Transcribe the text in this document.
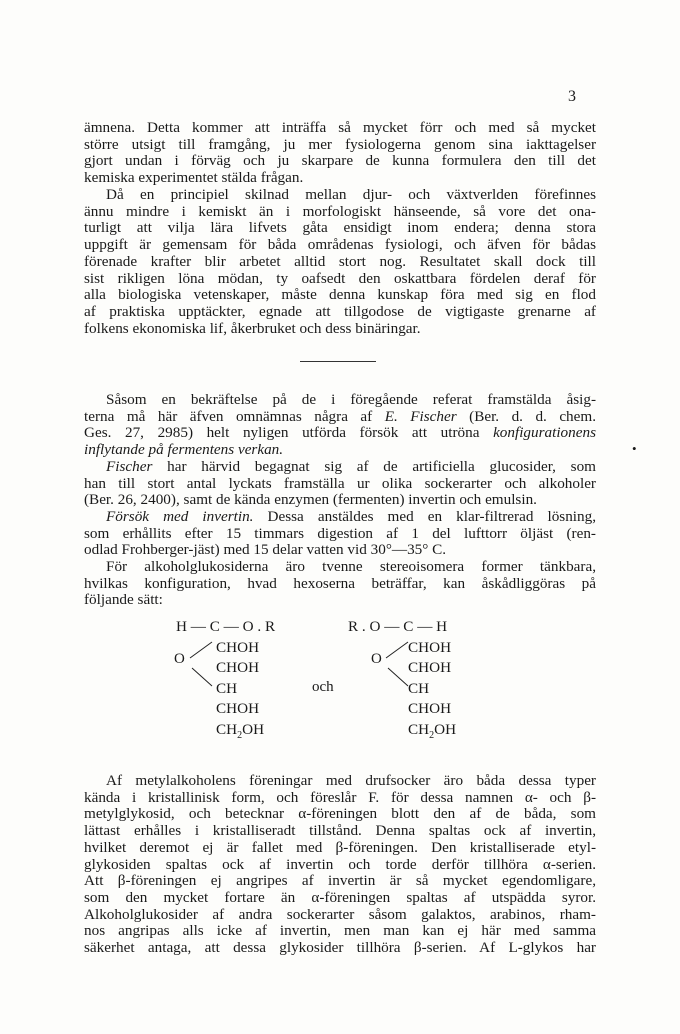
3

ämnena. Detta kommer att inträffa så mycket förr och med så mycket
större utsigt till framgång, ju mer fysiologerna genom sina iakttagelser
gjort undan i förväg och ju skarpare de kunna formulera den till det
kemiska experimentet stälda frågan.

Då en principiel skilnad mellan djur- och växtverlden förefinnes
ännu mindre i kemiskt än i morfologiskt hänseende, så vore det ona-
turligt att vilja lära lifvets gåta ensidigt inom endera; denna stora
uppgift är gemensam för båda områdenas fysiologi, och äfven för bådas
förenade krafter blir arbetet alltid stort nog. Resultatet skall dock till
sist rikligen löna mödan, ty oafsedt den oskattbara fördelen deraf för
alla biologiska vetenskaper, måste denna kunskap föra med sig en flod
af praktiska upptäckter, egnade att tillgodose de vigtigaste grenarne af
folkens ekonomiska lif, åkerbruket och dess binäringar.

Såsom en bekräftelse på de i föregående referat framstälda åsig-
terna må här äfven omnämnas några af E. Fischer (Ber. d. d. chem.
Ges. 27, 2985) helt nyligen utförda försök att utröna konfigurationens
inflytande på fermentens verkan.	•

Fischer har härvid begagnat sig af de artificiella glucosider, som
han till stort antal lyckats framställa ur olika sockerarter och alkoholer
(Ber. 26, 2400), samt de kända enzymen (fermenten) invertin och emulsin.

Försök med invertin. Dessa anstäldes med en klar-filtrerad lösning,
som erhållits efter 15 timmars digestion af 1 del lufttorr öljäst (ren-
odlad Frohberger-jäst) med 15 delar vatten vid 30°—35° C.

För alkoholglukosiderna äro tvenne stereoisomera former tänkbara,
hvilkas konfiguration, hvad hexoserna beträffar, kan åskådliggöras på
följande sätt:

H — C — O . R
CHOH
CHOH
CH
CHOH
$CH_2OH$
O
och
R . O — C — H
CHOH
CHOH
CH
CHOH
$CH_2OH$
O

Af metylalkoholens föreningar med drufsocker äro båda dessa typer
kända i kristallinisk form, och föreslår F. för dessa namnen α- och β-
metylglykosid, och betecknar α-föreningen blott den af de båda, som
lättast erhålles i kristalliseradt tillstånd. Denna spaltas ock af invertin,
hvilket deremot ej är fallet med β-föreningen. Den kristalliserade etyl-
glykosiden spaltas ock af invertin och torde derför tillhöra α-serien.
Att β-föreningen ej angripes af invertin är så mycket egendomligare,
som den mycket fortare än α-föreningen spaltas af utspädda syror.
Alkoholglukosider af andra sockerarter såsom galaktos, arabinos, rham-
nos angripas alls icke af invertin, men man kan ej här med samma
säkerhet antaga, att dessa glykosider tillhöra β-serien. Af L-glykos har
